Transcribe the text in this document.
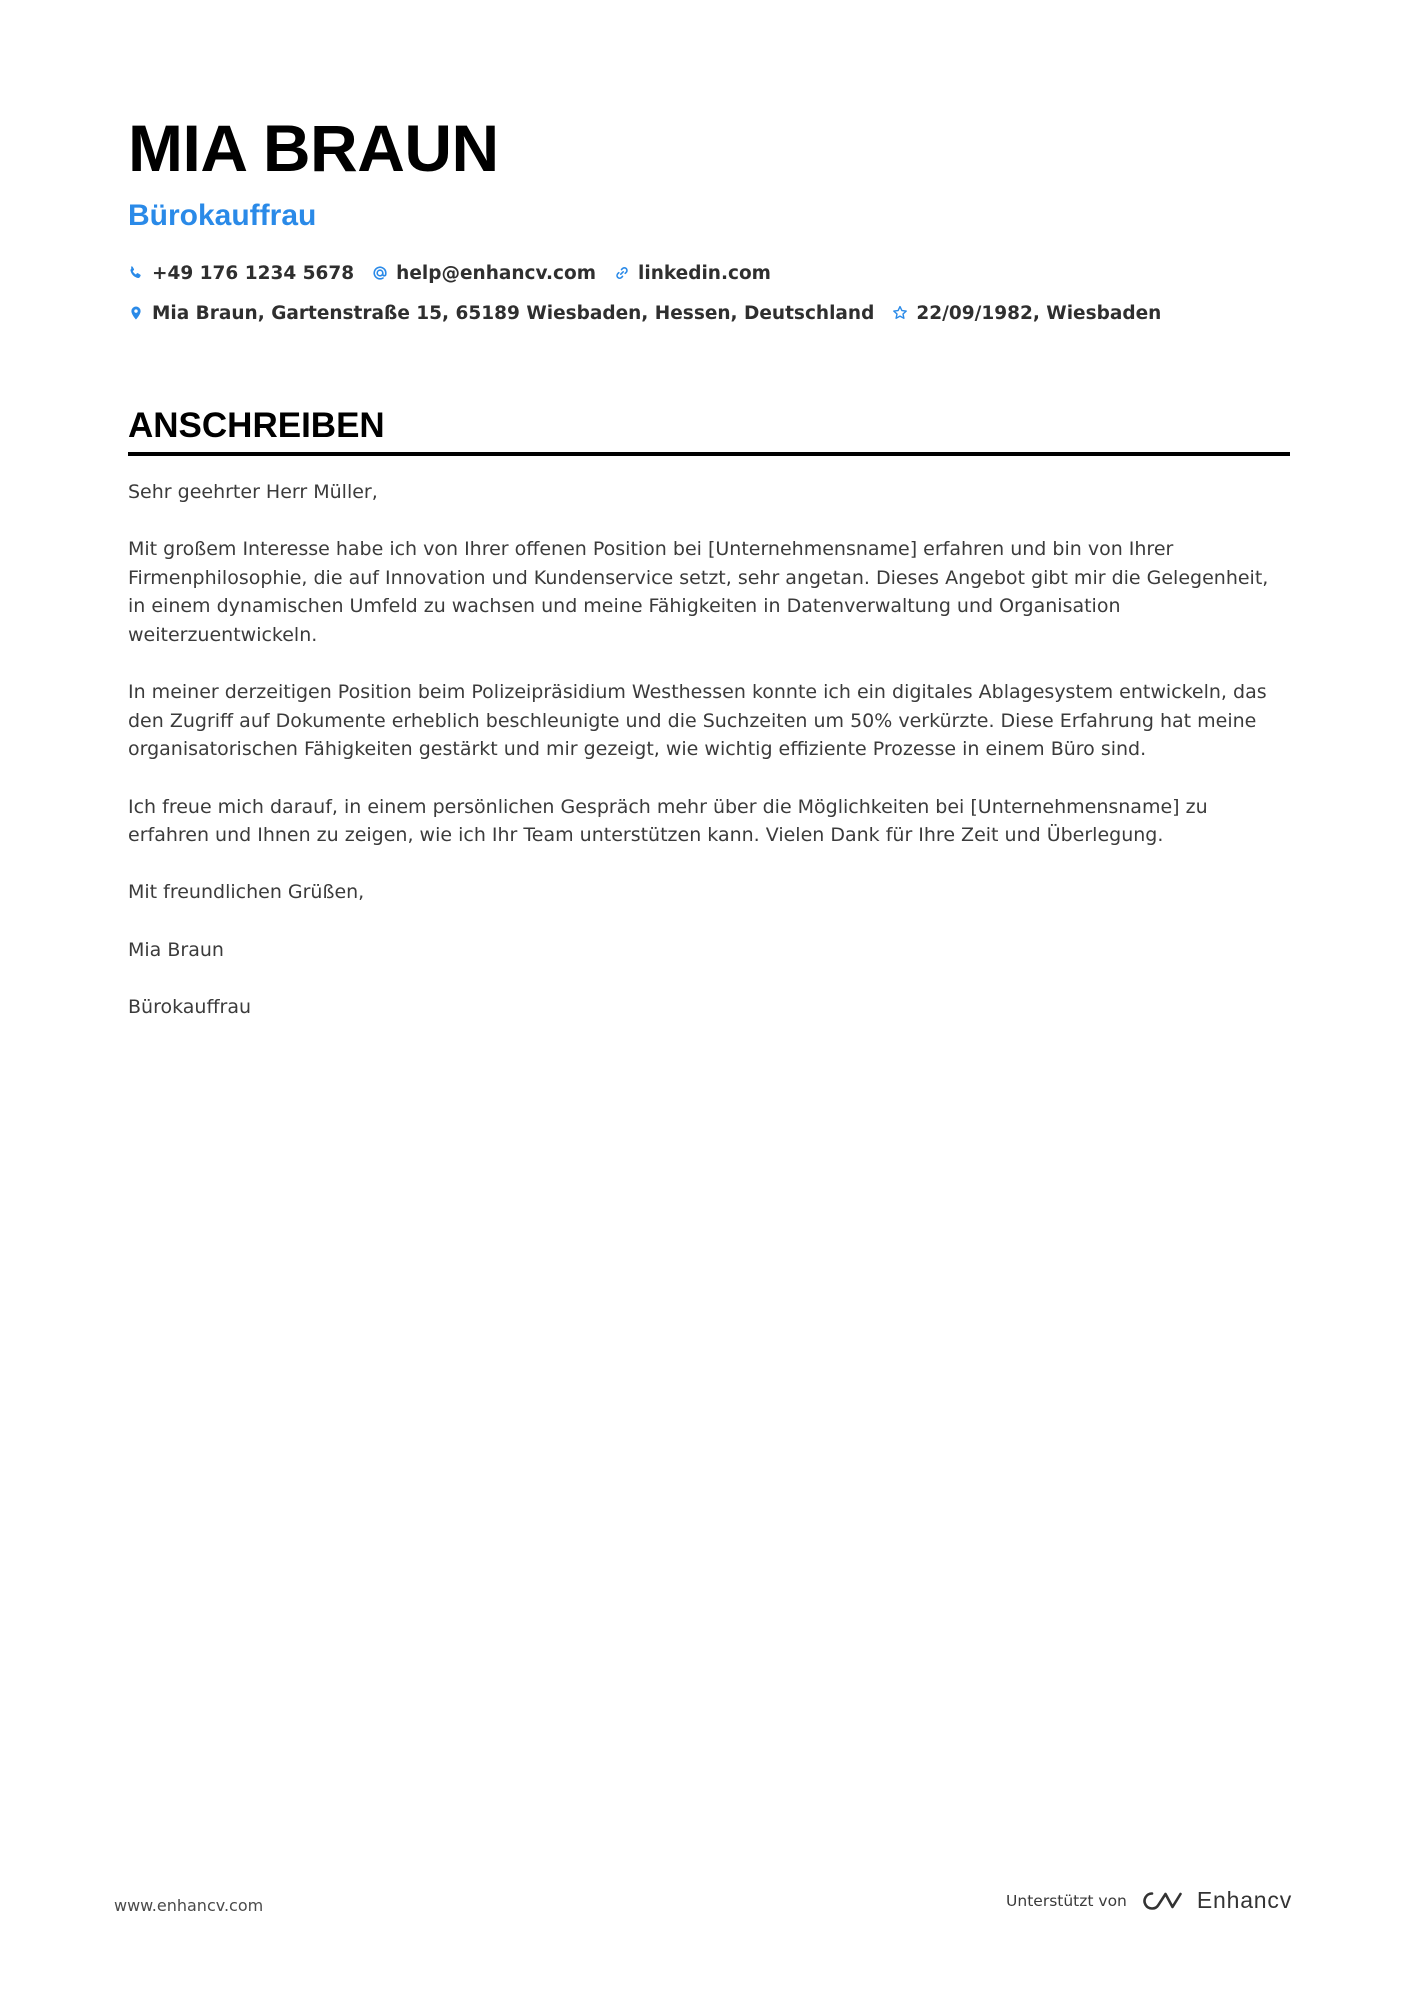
MIA BRAUN
Bürokauffrau
+49 176 1234 5678 help@enhancv.com linkedin.com
Mia Braun, Gartenstraße 15, 65189 Wiesbaden, Hessen, Deutschland 22/09/1982, Wiesbaden
ANSCHREIBEN

Sehr geehrter Herr Müller,

Mit großem Interesse habe ich von Ihrer offenen Position bei [Unternehmensname] erfahren und bin von Ihrer Firmenphilosophie, die auf Innovation und Kundenservice setzt, sehr angetan. Dieses Angebot gibt mir die Gelegenheit, in einem dynamischen Umfeld zu wachsen und meine Fähigkeiten in Datenverwaltung und Organisation weiterzuentwickeln.

In meiner derzeitigen Position beim Polizeipräsidium Westhessen konnte ich ein digitales Ablagesystem entwickeln, das den Zugriff auf Dokumente erheblich beschleunigte und die Suchzeiten um 50% verkürzte. Diese Erfahrung hat meine organisatorischen Fähigkeiten gestärkt und mir gezeigt, wie wichtig effiziente Prozesse in einem Büro sind.

Ich freue mich darauf, in einem persönlichen Gespräch mehr über die Möglichkeiten bei [Unternehmensname] zu erfahren und Ihnen zu zeigen, wie ich Ihr Team unterstützen kann. Vielen Dank für Ihre Zeit und Überlegung.

Mit freundlichen Grüßen,

Mia Braun

Bürokauffrau

www.enhancv.com	Unterstützt von	Enhancv
